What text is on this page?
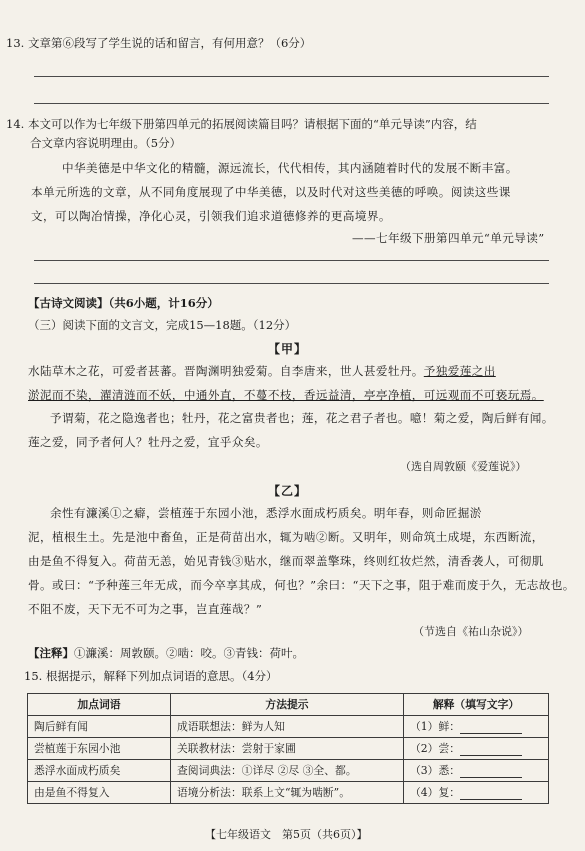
13. 文章第⑥段写了学生说的话和留言，有何用意？（6分）
14. 本文可以作为七年级下册第四单元的拓展阅读篇目吗？请根据下面的“单元导读”内容，结
合文章内容说明理由。（5分）
中华美德是中华文化的精髓，源远流长，代代相传，其内涵随着时代的发展不断丰富。
本单元所选的文章，从不同角度展现了中华美德，以及时代对这些美德的呼唤。阅读这些课
文，可以陶冶情操，净化心灵，引领我们追求道德修养的更高境界。
——七年级下册第四单元“单元导读”
【古诗文阅读】（共6小题，计16分）
（三）阅读下面的文言文，完成15—18题。（12分）
【甲】
水陆草木之花，可爱者甚蕃。晋陶渊明独爱菊。自李唐来，世人甚爱牡丹。予独爱莲之出
淤泥而不染，濯清涟而不妖，中通外直，不蔓不枝，香远益清，亭亭净植，可远观而不可亵玩焉。
予谓菊，花之隐逸者也；牡丹，花之富贵者也；莲，花之君子者也。噫！菊之爱，陶后鲜有闻。
莲之爱，同予者何人？牡丹之爱，宜乎众矣。
（选自周敦颐《爱莲说》）
【乙】
余性有濂溪①之癖，尝植莲于东园小池，悉浮水面成朽质矣。明年春，则命匠掘淤
泥，植根生土。先是池中畜鱼，正是荷苗出水，辄为啮②断。又明年，则命筑土成堤，东西断流，
由是鱼不得复入。荷苗无恙，始见青钱③贴水，继而翠盖擎珠，终则红妆烂然，清香袭人，可彻肌
骨。或曰：“予种莲三年无成，而今卒享其成，何也？”余曰：“天下之事，阻于难而废于久，无志故也。
不阻不废，天下无不可为之事，岂直莲哉？”
（节选自《祐山杂说》）
【注释】①濂溪：周敦颐。②啮：咬。③青钱：荷叶。
15. 根据提示，解释下列加点词语的意思。（4分）
加点词语	方法提示	解释（填写文字）
陶后鲜有闻	成语联想法：鲜为人知	（1）鲜：
尝植莲于东园小池	关联教材法：尝射于家圃	（2）尝：
悉浮水面成朽质矣	查阅词典法：①详尽 ②尽 ③全、都。	（3）悉：
由是鱼不得复入	语境分析法：联系上文“辄为啮断”。	（4）复：
【七年级语文　第5页（共6页）】
